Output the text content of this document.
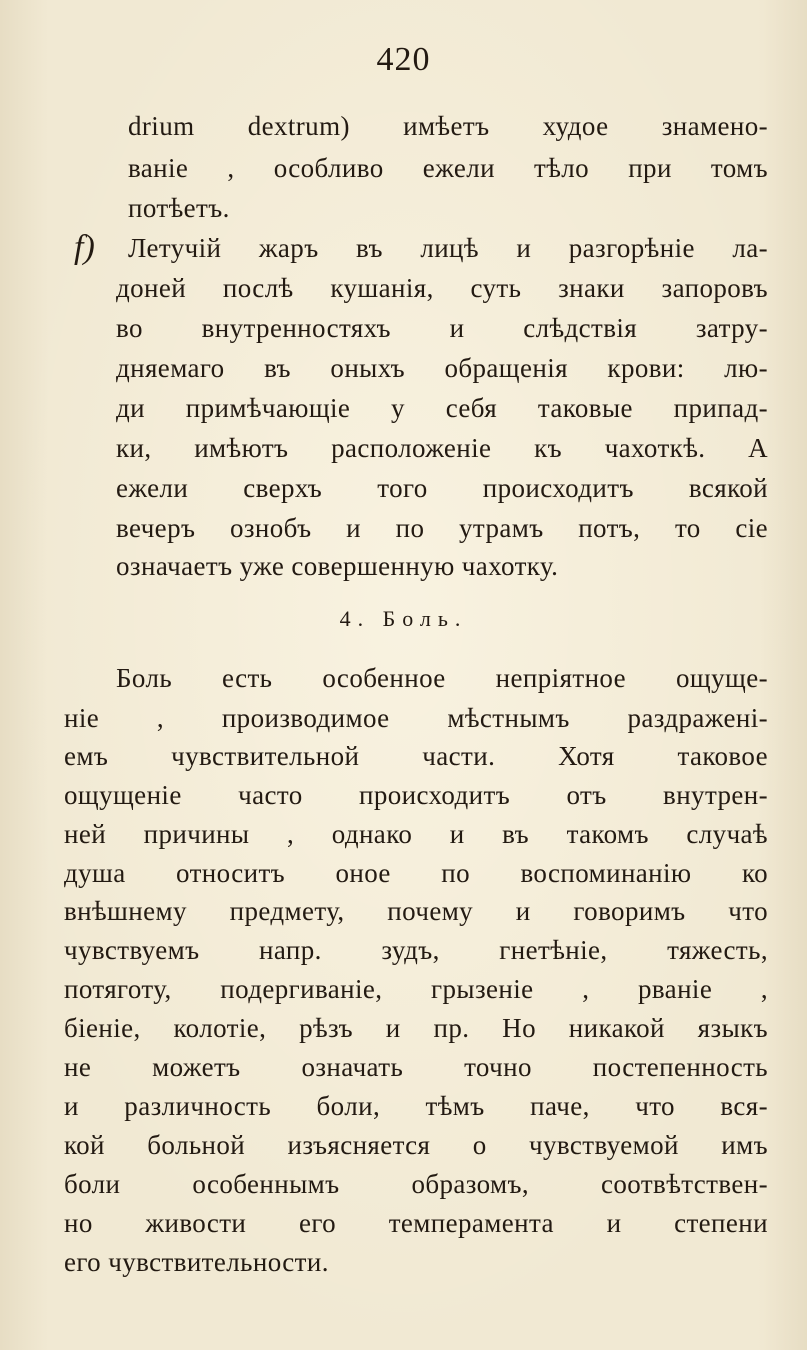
420
drium dextrum) имѣетъ худое знамено-
ваніе , особливо ежели тѣло при томъ
потѣетъ.
f) Летучій жаръ въ лицѣ и разгорѣніе ла-
доней послѣ кушанія, суть знаки запоровъ
во внутренностяхъ и слѣдствія затру-
дняемаго въ оныхъ обращенія крови: лю-
ди примѣчающіе у себя таковые припад-
ки, имѣютъ расположеніе къ чахоткѣ. А
ежели сверхъ того происходитъ всякой
вечеръ ознобъ и по утрамъ потъ, то сіе
означаетъ уже совершенную чахотку.
4. Боль.
Боль есть особенное непріятное ощуще-
ніе , производимое мѣстнымъ раздражені-
емъ чувствительной части. Хотя таковое
ощущеніе часто происходитъ отъ внутрен-
ней причины , однако и въ такомъ случаѣ
душа относитъ оное по воспоминанію ко
внѣшнему предмету, почему и говоримъ что
чувствуемъ напр. зудъ, гнетѣніе, тяжесть,
потяготу, подергиваніе, грызеніе , рваніе ,
біеніе, колотіе, рѣзъ и пр. Но никакой языкъ
не можетъ означать точно постепенность
и различность боли, тѣмъ паче, что вся-
кой больной изъясняется о чувствуемой имъ
боли особеннымъ образомъ, соотвѣтствен-
но живости его темперамента и степени
его чувствительности.
